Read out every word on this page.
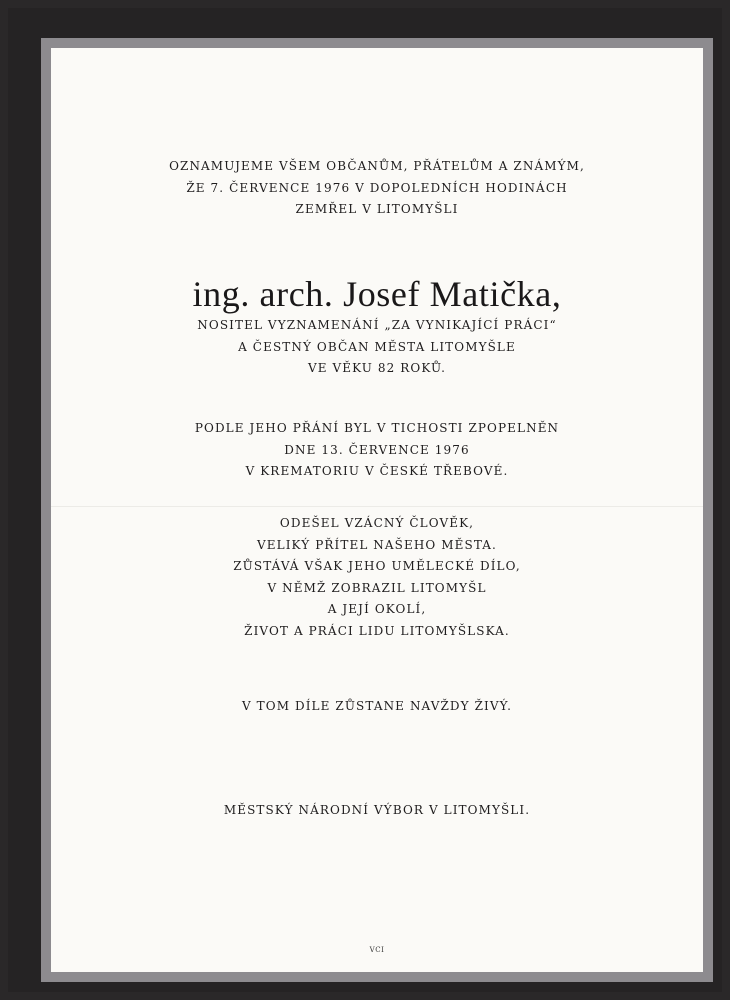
OZNAMUJEME VŠEM OBČANŮM, PŘÁTELŮM A ZNÁMÝM,
ŽE 7. ČERVENCE 1976 V DOPOLEDNÍCH HODINÁCH
ZEMŘEL V LITOMYŠLI
ing. arch. Josef Matička,
NOSITEL VYZNAMENÁNÍ „ZA VYNIKAJÍCÍ PRÁCI“
A ČESTNÝ OBČAN MĚSTA LITOMYŠLE
VE VĚKU 82 ROKŮ.
PODLE JEHO PŘÁNÍ BYL V TICHOSTI ZPOPELNĚN
DNE 13. ČERVENCE 1976
V KREMATORIU V ČESKÉ TŘEBOVÉ.
ODEŠEL VZÁCNÝ ČLOVĚK,
VELIKÝ PŘÍTEL NAŠEHO MĚSTA.
ZŮSTÁVÁ VŠAK JEHO UMĚLECKÉ DÍLO,
V NĚMŽ ZOBRAZIL LITOMYŠL
A JEJÍ OKOLÍ,
ŽIVOT A PRÁCI LIDU LITOMYŠLSKA.
V TOM DÍLE ZŮSTANE NAVŽDY ŽIVÝ.
MĚSTSKÝ NÁRODNÍ VÝBOR V LITOMYŠLI.
VCI
